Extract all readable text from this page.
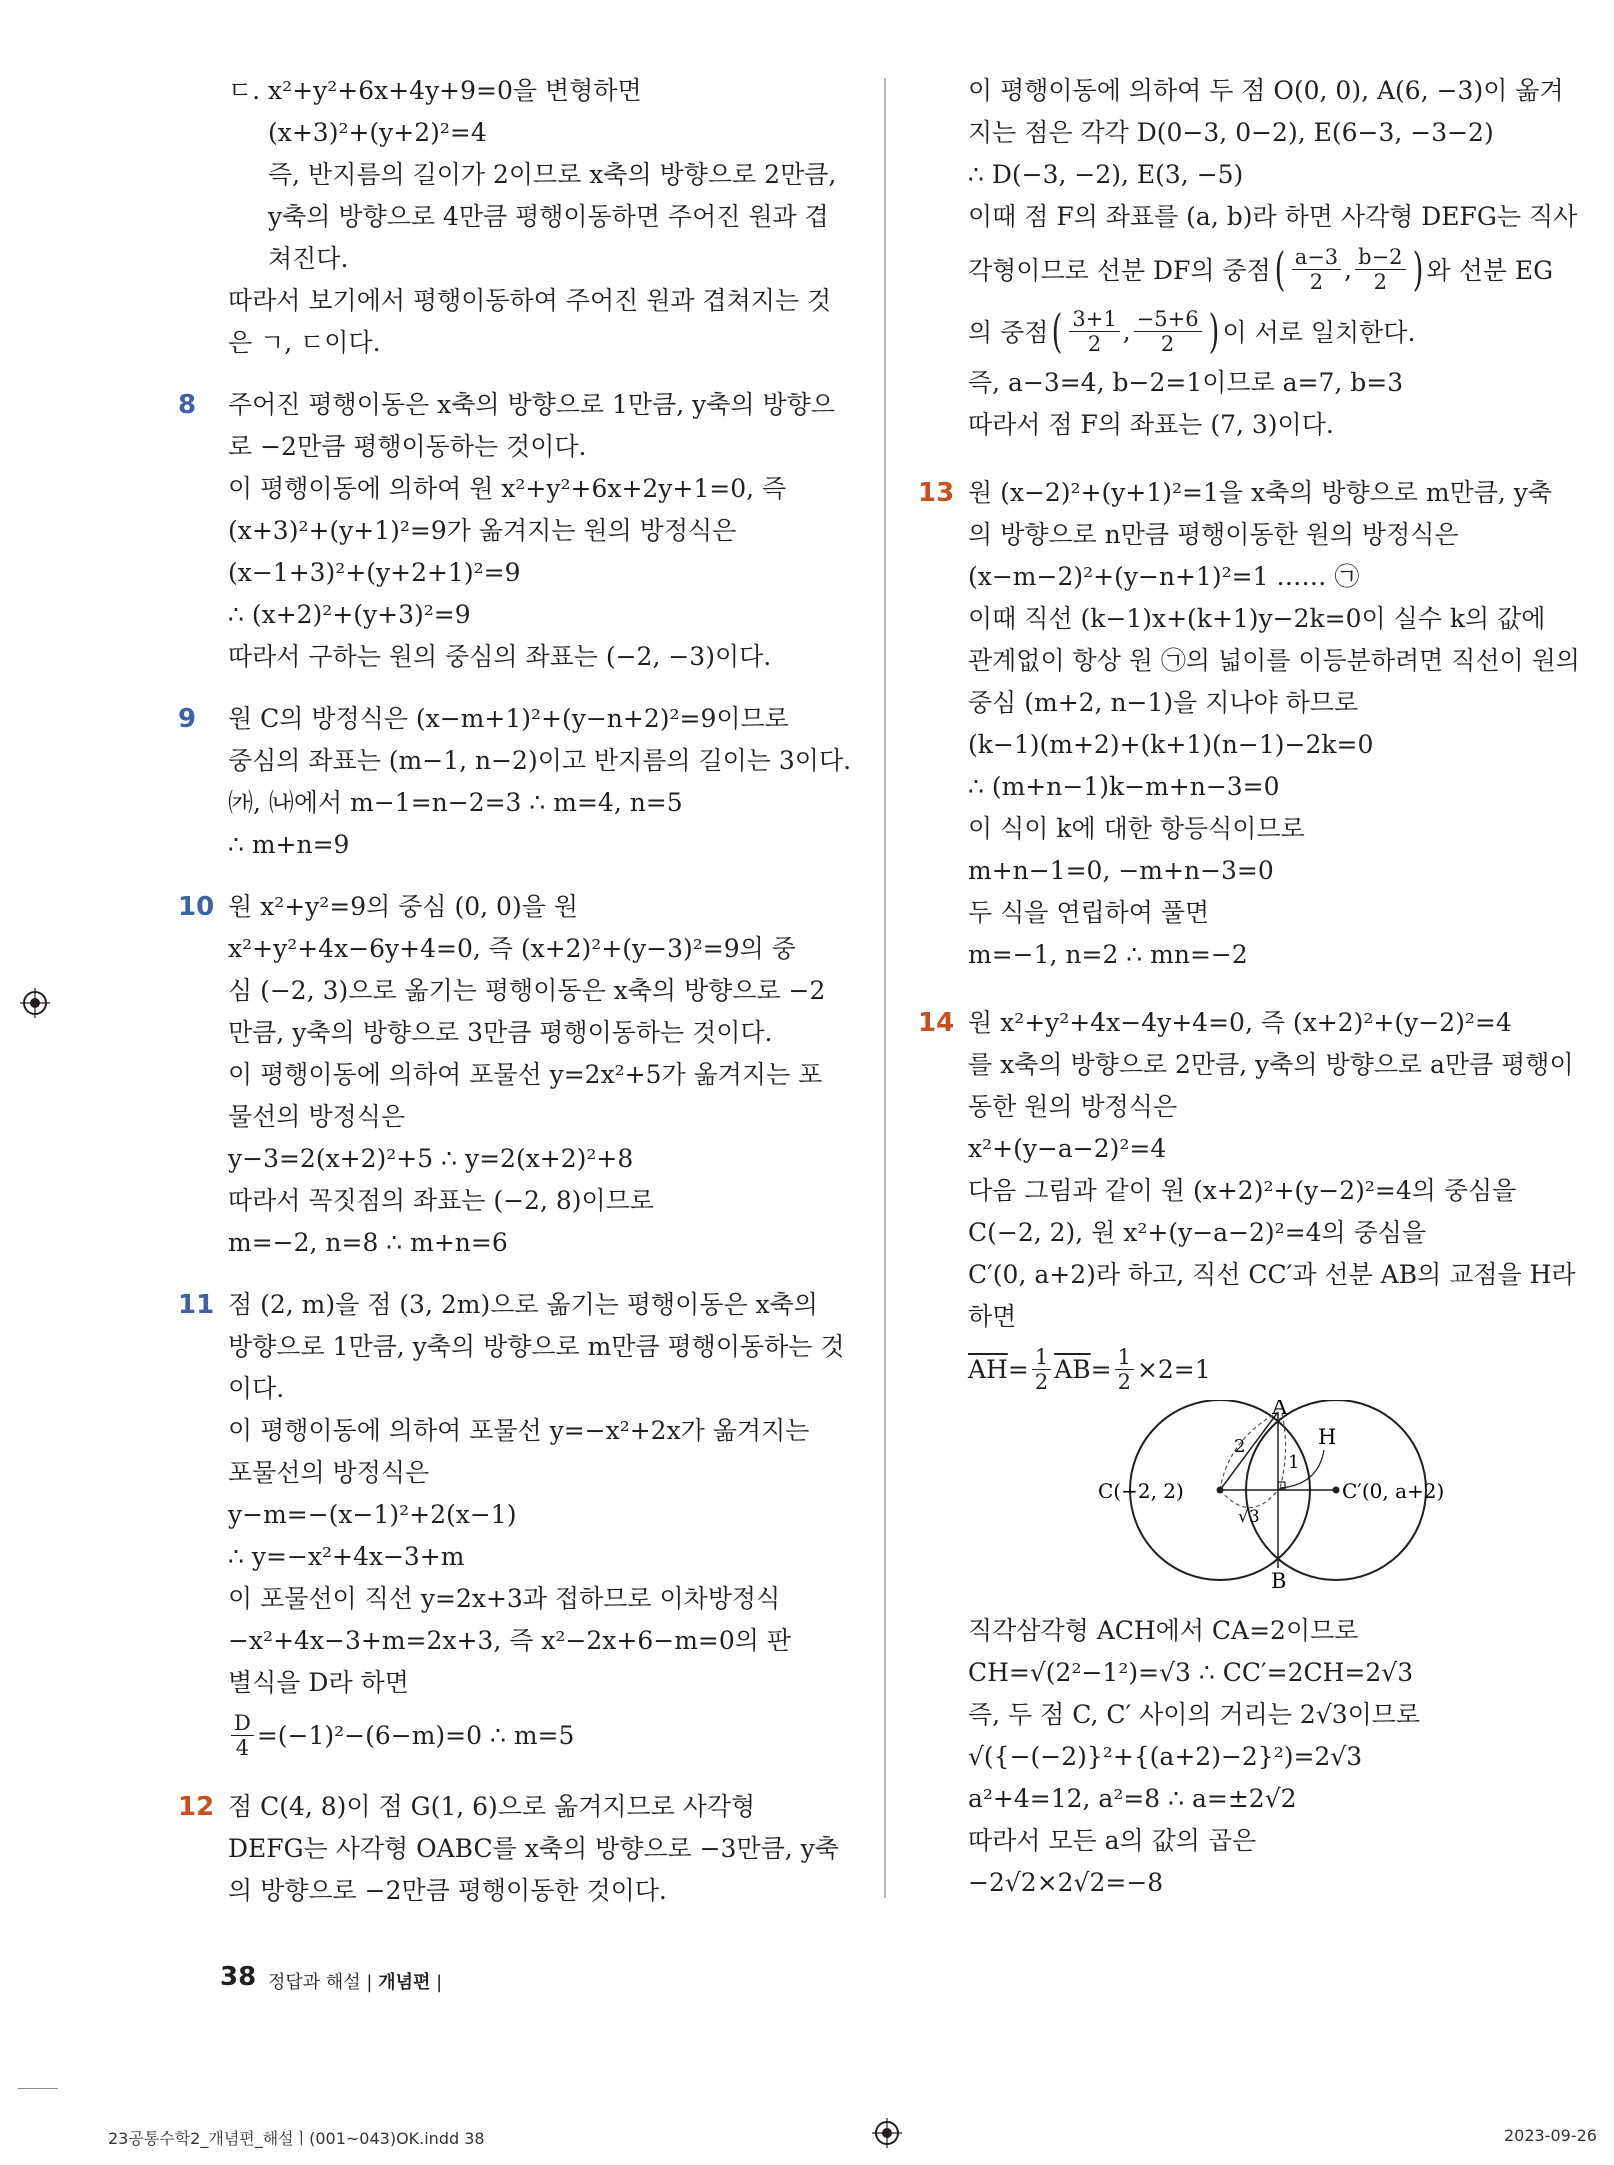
ㄷ. x²+y²+6x+4y+9=0을 변형하면
(x+3)²+(y+2)²=4
즉, 반지름의 길이가 2이므로 x축의 방향으로 2만큼,
y축의 방향으로 4만큼 평행이동하면 주어진 원과 겹
쳐진다.
따라서 보기에서 평행이동하여 주어진 원과 겹쳐지는 것
은 ㄱ, ㄷ이다.
8 주어진 평행이동은 x축의 방향으로 1만큼, y축의 방향으
로 −2만큼 평행이동하는 것이다.
이 평행이동에 의하여 원 x²+y²+6x+2y+1=0, 즉
(x+3)²+(y+1)²=9가 옮겨지는 원의 방정식은
(x−1+3)²+(y+2+1)²=9
∴ (x+2)²+(y+3)²=9
따라서 구하는 원의 중심의 좌표는 (−2, −3)이다.
9 원 C의 방정식은 (x−m+1)²+(y−n+2)²=9이므로
중심의 좌표는 (m−1, n−2)이고 반지름의 길이는 3이다.
㈎, ㈏에서 m−1=n−2=3 ∴ m=4, n=5
∴ m+n=9
10 원 x²+y²=9의 중심 (0, 0)을 원
x²+y²+4x−6y+4=0, 즉 (x+2)²+(y−3)²=9의 중
심 (−2, 3)으로 옮기는 평행이동은 x축의 방향으로 −2
만큼, y축의 방향으로 3만큼 평행이동하는 것이다.
이 평행이동에 의하여 포물선 y=2x²+5가 옮겨지는 포
물선의 방정식은
y−3=2(x+2)²+5 ∴ y=2(x+2)²+8
따라서 꼭짓점의 좌표는 (−2, 8)이므로
m=−2, n=8 ∴ m+n=6
11 점 (2, m)을 점 (3, 2m)으로 옮기는 평행이동은 x축의
방향으로 1만큼, y축의 방향으로 m만큼 평행이동하는 것
이다.
이 평행이동에 의하여 포물선 y=−x²+2x가 옮겨지는
포물선의 방정식은
y−m=−(x−1)²+2(x−1)
∴ y=−x²+4x−3+m
이 포물선이 직선 y=2x+3과 접하므로 이차방정식
−x²+4x−3+m=2x+3, 즉 x²−2x+6−m=0의 판
별식을 D라 하면
$\frac{D}{4} =(-1)^2-(6-m)=0$ ∴ m=5
12 점 C(4, 8)이 점 G(1, 6)으로 옮겨지므로 사각형
DEFG는 사각형 OABC를 x축의 방향으로 −3만큼, y축
의 방향으로 −2만큼 평행이동한 것이다.
이 평행이동에 의하여 두 점 O(0, 0), A(6, −3)이 옮겨
지는 점은 각각 D(0−3, 0−2), E(6−3, −3−2)
∴ D(−3, −2), E(3, −5)
이때 점 F의 좌표를 (a, b)라 하면 사각형 DEFG는 직사
각형이므로 선분 DF의 중점 ( $\frac{a-3}{2}$ , $\frac{b-2}{2}$ ) 와 선분 EG
의 중점 ( $\frac{3+1}{2}$ , $\frac{-5+6}{2}$ ) 이 서로 일치한다.
즉, a−3=4, b−2=1이므로 a=7, b=3
따라서 점 F의 좌표는 (7, 3)이다.
13 원 (x−2)²+(y+1)²=1을 x축의 방향으로 m만큼, y축
의 방향으로 n만큼 평행이동한 원의 방정식은
(x−m−2)²+(y−n+1)²=1 …… ㉠
이때 직선 (k−1)x+(k+1)y−2k=0이 실수 k의 값에
관계없이 항상 원 ㉠의 넓이를 이등분하려면 직선이 원의
중심 (m+2, n−1)을 지나야 하므로
(k−1)(m+2)+(k+1)(n−1)−2k=0
∴ (m+n−1)k−m+n−3=0
이 식이 k에 대한 항등식이므로
m+n−1=0, −m+n−3=0
두 식을 연립하여 풀면
m=−1, n=2 ∴ mn=−2
14 원 x²+y²+4x−4y+4=0, 즉 (x+2)²+(y−2)²=4
를 x축의 방향으로 2만큼, y축의 방향으로 a만큼 평행이
동한 원의 방정식은
x²+(y−a−2)²=4
다음 그림과 같이 원 (x+2)²+(y−2)²=4의 중심을
C(−2, 2), 원 x²+(y−a−2)²=4의 중심을
C′(0, a+2)라 하고, 직선 CC′과 선분 AB의 교점을 H라
하면
$\overline{AH} = \frac{1}{2} \overline{AB} = \frac{1}{2} \times 2=1$
A
B
H
C(−2, 2)	C′(0, a+2)
2
1
√3
직각삼각형 ACH에서 CA=2이므로
CH=√(2²−1²)=√3 ∴ CC′=2CH=2√3
즉, 두 점 C, C′ 사이의 거리는 2√3이므로
√({−(−2)}²+{(a+2)−2}²)=2√3
a²+4=12, a²=8 ∴ a=±2√2
따라서 모든 a의 값의 곱은
−2√2×2√2=−8
38 정답과 해설 | 개념편 |
23공통수학2_개념편_해설ㅣ(001~043)OK.indd 38	2023-09-26
